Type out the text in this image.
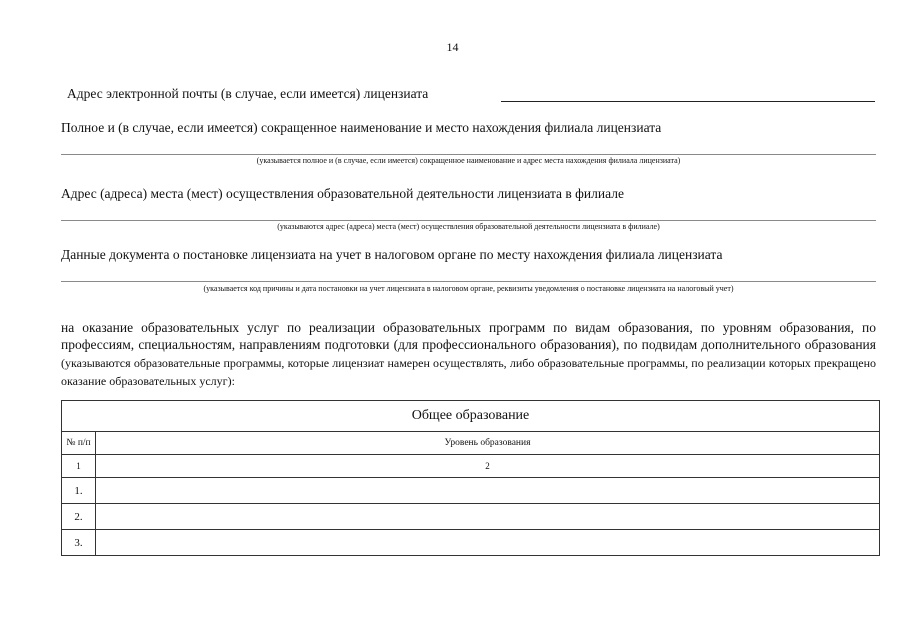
14
Адрес электронной почты (в случае, если имеется) лицензиата
Полное и (в случае, если имеется) сокращенное наименование и место нахождения филиала лицензиата
(указывается полное и (в случае, если имеется) сокращенное наименование и адрес места нахождения филиала лицензиата)
Адрес (адреса) места (мест) осуществления образовательной деятельности лицензиата в филиале
(указываются адрес (адреса) места (мест) осуществления образовательной деятельности лицензиата в филиале)
Данные документа о постановке лицензиата на учет в налоговом органе по месту нахождения филиала лицензиата
(указывается код причины и дата постановки на учет лицензиата в налоговом органе, реквизиты уведомления о постановке лицензиата на налоговый учет)
на оказание образовательных услуг по реализации образовательных программ по видам образования, по уровням образования, по профессиям, специальностям, направлениям подготовки (для профессионального образования), по подвидам дополнительного образования (указываются образовательные программы, которые лицензиат намерен осуществлять, либо образовательные программы, по реализации которых прекращено оказание образовательных услуг):
Общее образование	
№ п/п	Уровень образования
1	2
1.	
2.	
3.	
